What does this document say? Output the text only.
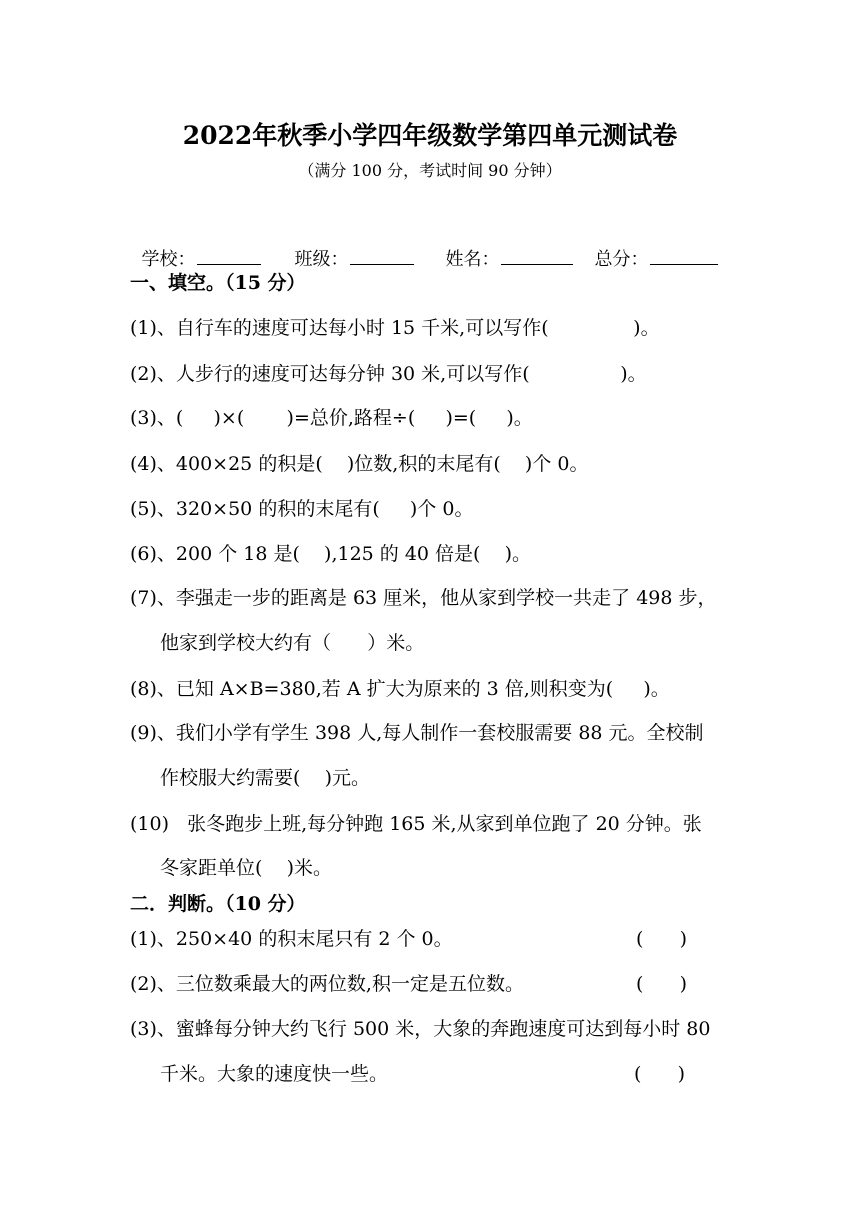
2022年秋季小学四年级数学第四单元测试卷
（满分 100 分，考试时间 90 分钟）

学校：	班级：	姓名：	总分：

一、填空。（15 分）
(1)、自行车的速度可达每小时 15 千米,可以写作(              )。
(2)、人步行的速度可达每分钟 30 米,可以写作(               )。
(3)、(     )×(       )=总价,路程÷(     )=(     )。
(4)、400×25 的积是(    )位数,积的末尾有(    )个 0。
(5)、320×50 的积的末尾有(     )个 0。
(6)、200 个 18 是(    ),125 的 40 倍是(    )。
(7)、李强走一步的距离是 63 厘米，他从家到学校一共走了 498 步，
他家到学校大约有（      ）米。
(8)、已知 A×B=380,若 A 扩大为原来的 3 倍,则积变为(     )。
(9)、我们小学有学生 398 人,每人制作一套校服需要 88 元。全校制
作校服大约需要(    )元。
(10)   张冬跑步上班,每分钟跑 165 米,从家到单位跑了 20 分钟。张
冬家距单位(    )米。
二．判断。（10 分）
(1)、250×40 的积末尾只有 2 个 0。	(      )
(2)、三位数乘最大的两位数,积一定是五位数。	(      )
(3)、蜜蜂每分钟大约飞行 500 米，大象的奔跑速度可达到每小时 80
千米。大象的速度快一些。	(      )
